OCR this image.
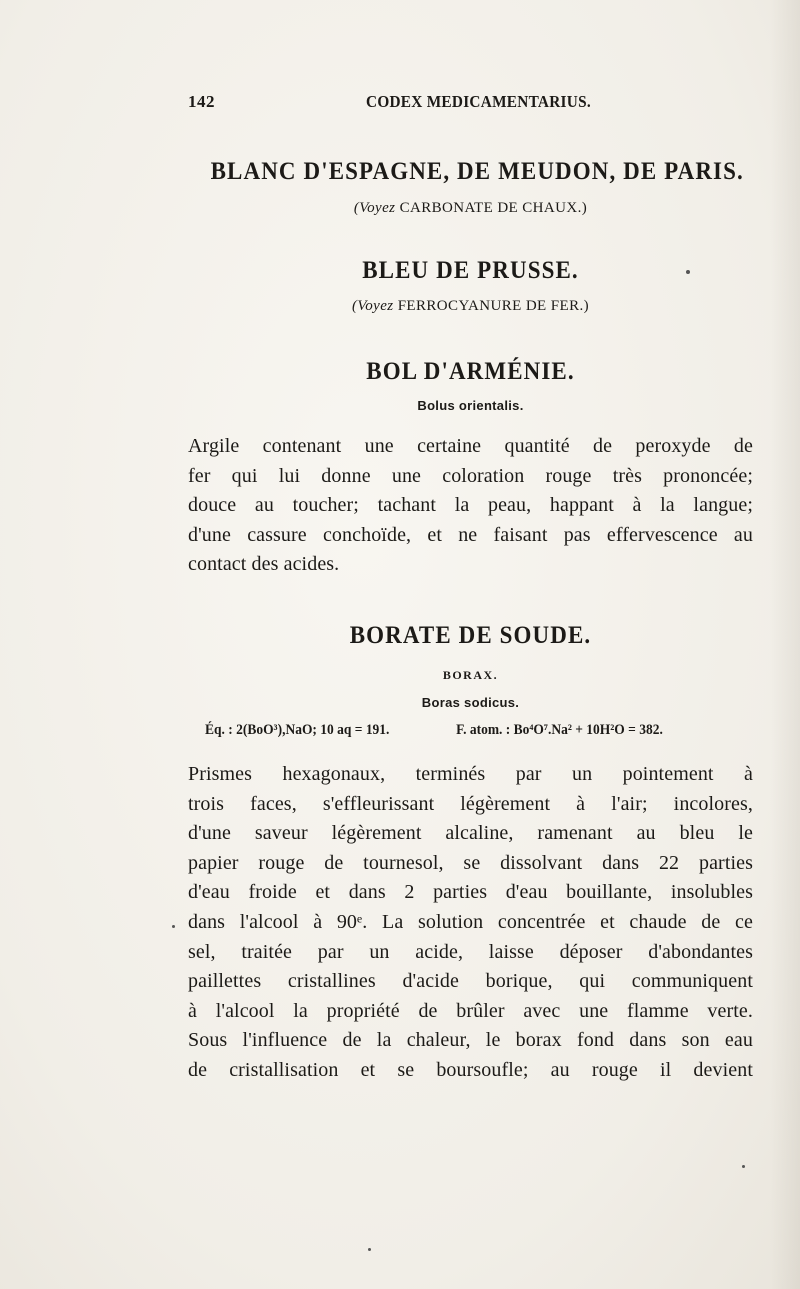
142	CODEX MEDICAMENTARIUS.
BLANC D'ESPAGNE, DE MEUDON, DE PARIS.
(Voyez CARBONATE DE CHAUX.)
BLEU DE PRUSSE.
(Voyez FERROCYANURE DE FER.)
BOL D'ARMÉNIE.
Bolus orientalis.
Argile contenant une certaine quantité de peroxyde de
fer qui lui donne une coloration rouge très prononcée;
douce au toucher; tachant la peau, happant à la langue;
d'une cassure conchoïde, et ne faisant pas effervescence au
contact des acides.
BORATE DE SOUDE.
BORAX.
Boras sodicus.
Éq. : 2(BoO³),NaO; 10 aq = 191.	F. atom. : Bo⁴O⁷.Na² + 10H²O = 382.
Prismes hexagonaux, terminés par un pointement à
trois faces, s'effleurissant légèrement à l'air; incolores,
d'une saveur légèrement alcaline, ramenant au bleu le
papier rouge de tournesol, se dissolvant dans 22 parties
d'eau froide et dans 2 parties d'eau bouillante, insolubles
dans l'alcool à 90ᵉ. La solution concentrée et chaude de ce
sel, traitée par un acide, laisse déposer d'abondantes
paillettes cristallines d'acide borique, qui communiquent
à l'alcool la propriété de brûler avec une flamme verte.
Sous l'influence de la chaleur, le borax fond dans son eau
de cristallisation et se boursoufle; au rouge il devient
